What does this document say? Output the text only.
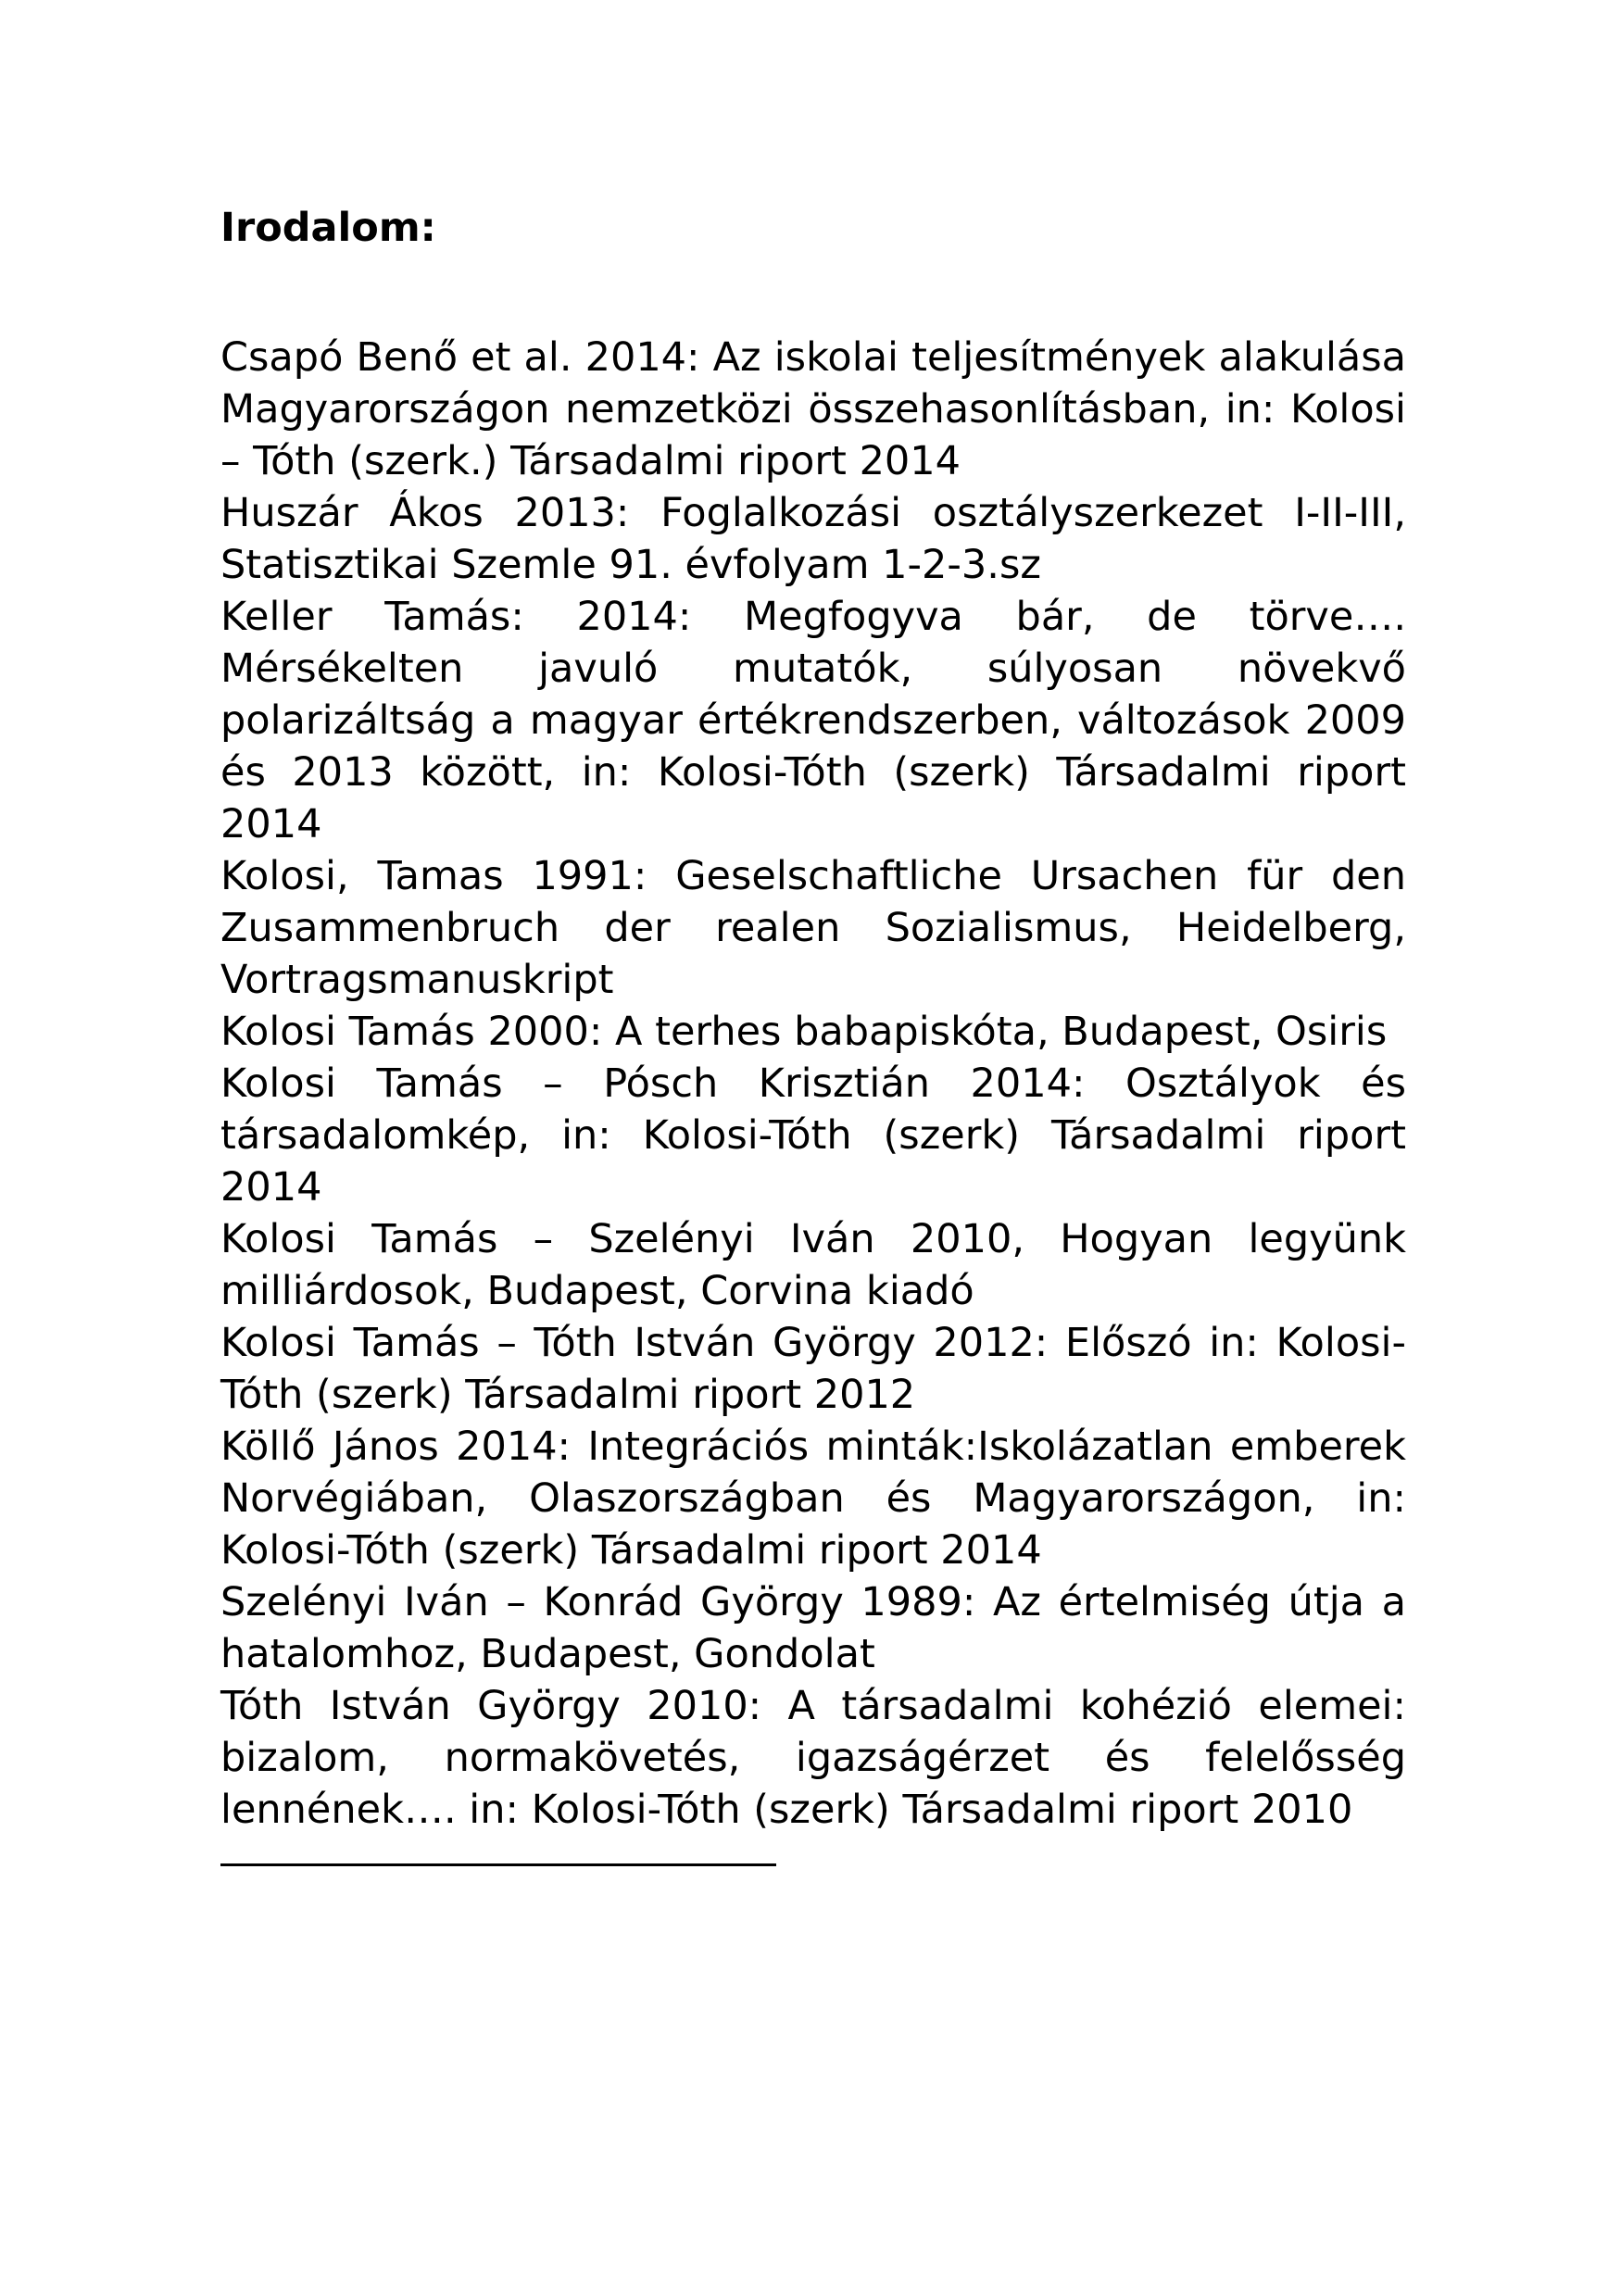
Irodalom:

Csapó Benő et al. 2014: Az iskolai teljesítmények alakulása Magyarországon nemzetközi összehasonlításban, in: Kolosi – Tóth (szerk.) Társadalmi riport 2014

Huszár Ákos 2013: Foglalkozási osztályszerkezet I-II-III, Statisztikai Szemle 91. évfolyam 1-2-3.sz

Keller Tamás: 2014: Megfogyva bár, de törve…. Mérsékelten javuló mutatók, súlyosan növekvő polarizáltság a magyar értékrendszerben, változások 2009 és 2013 között, in: Kolosi-Tóth (szerk) Társadalmi riport 2014

Kolosi, Tamas 1991: Geselschaftliche Ursachen für den Zusammenbruch der realen Sozialismus, Heidelberg, Vortragsmanuskript

Kolosi Tamás 2000: A terhes babapiskóta, Budapest, Osiris

Kolosi Tamás – Pósch Krisztián 2014: Osztályok és társadalomkép, in: Kolosi-Tóth (szerk) Társadalmi riport 2014

Kolosi Tamás – Szelényi Iván 2010, Hogyan legyünk milliárdosok, Budapest, Corvina kiadó

Kolosi Tamás – Tóth István György 2012: Előszó in: Kolosi-Tóth (szerk) Társadalmi riport 2012

Köllő János 2014: Integrációs minták:Iskolázatlan emberek Norvégiában, Olaszországban és Magyarországon, in: Kolosi-Tóth (szerk) Társadalmi riport 2014

Szelényi Iván – Konrád György 1989: Az értelmiség útja a hatalomhoz, Budapest, Gondolat

Tóth István György 2010: A társadalmi kohézió elemei: bizalom, normakövetés, igazságérzet és felelősség lennének…. in: Kolosi-Tóth (szerk) Társadalmi riport 2010
